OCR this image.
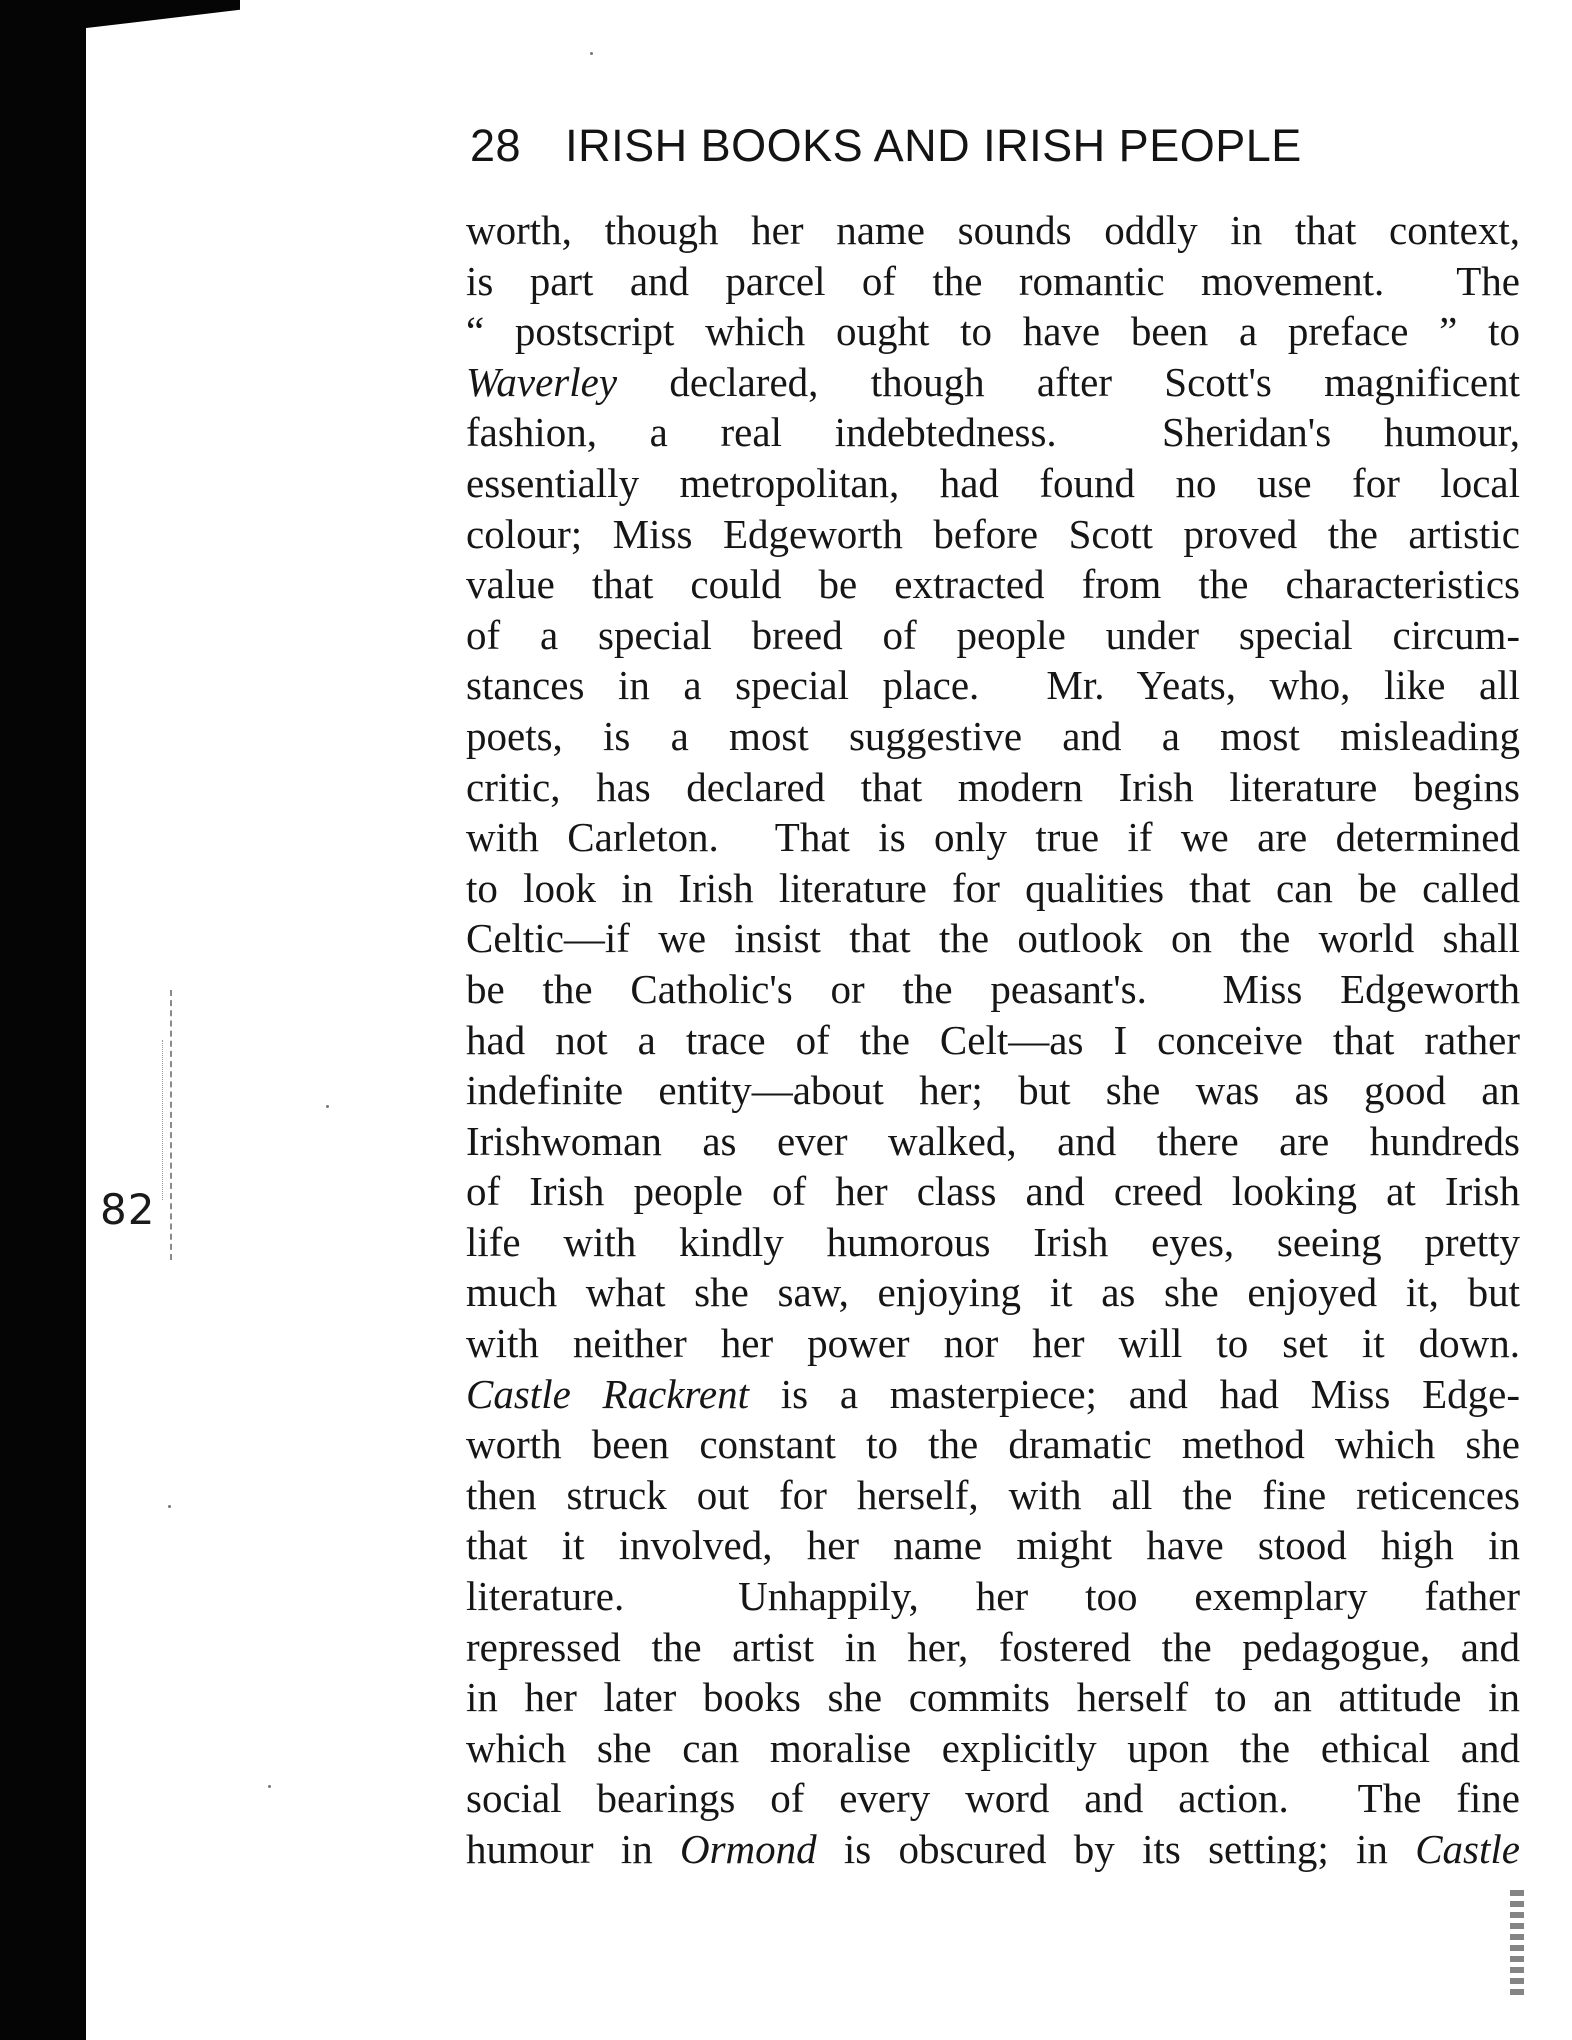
82
28 IRISH BOOKS AND IRISH PEOPLE
worth, though her name sounds oddly in that context,
is part and parcel of the romantic movement.  The
“ postscript which ought to have been a preface ” to
Waverley declared, though after Scott's magnificent
fashion, a real indebtedness.  Sheridan's humour,
essentially metropolitan, had found no use for local
colour; Miss Edgeworth before Scott proved the artistic
value that could be extracted from the characteristics
of a special breed of people under special circum-
stances in a special place.  Mr. Yeats, who, like all
poets, is a most suggestive and a most misleading
critic, has declared that modern Irish literature begins
with Carleton.  That is only true if we are determined
to look in Irish literature for qualities that can be called
Celtic—if we insist that the outlook on the world shall
be the Catholic's or the peasant's.  Miss Edgeworth
had not a trace of the Celt—as I conceive that rather
indefinite entity—about her; but she was as good an
Irishwoman as ever walked, and there are hundreds
of Irish people of her class and creed looking at Irish
life with kindly humorous Irish eyes, seeing pretty
much what she saw, enjoying it as she enjoyed it, but
with neither her power nor her will to set it down.
Castle Rackrent is a masterpiece; and had Miss Edge-
worth been constant to the dramatic method which she
then struck out for herself, with all the fine reticences
that it involved, her name might have stood high in
literature.  Unhappily, her too exemplary father
repressed the artist in her, fostered the pedagogue, and
in her later books she commits herself to an attitude in
which she can moralise explicitly upon the ethical and
social bearings of every word and action.  The fine
humour in Ormond is obscured by its setting; in Castle
